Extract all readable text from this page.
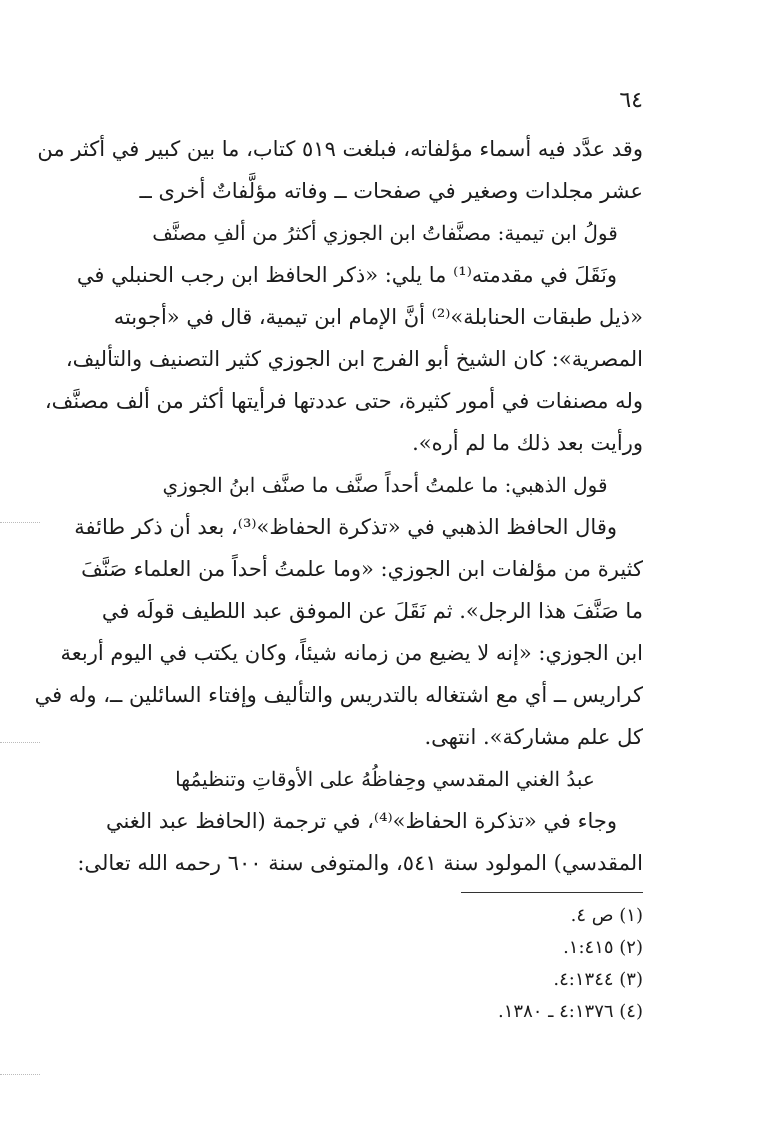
٦٤
وقد عدَّد فيه أسماء مؤلفاته، فبلغت ٥١٩ كتاب، ما بين كبير في أكثر من
عشر مجلدات وصغير في صفحات ــ وفاته مؤلَّفاتٌ أخرى ــ
قولُ ابن تيمية: مصنَّفاتُ ابن الجوزي أكثرُ من ألفِ مصنَّف
ونَقَلَ في مقدمته⁽¹⁾ ما يلي: «ذكر الحافظ ابن رجب الحنبلي في
«ذيل طبقات الحنابلة»⁽²⁾ أنَّ الإمام ابن تيمية، قال في «أجوبته
المصرية»: كان الشيخ أبو الفرج ابن الجوزي كثير التصنيف والتأليف،
وله مصنفات في أمور كثيرة، حتى عددتها فرأيتها أكثر من ألف مصنَّف،
ورأيت بعد ذلك ما لم أره».
قول الذهبي: ما علمتُ أحداً صنَّف ما صنَّف ابنُ الجوزي
وقال الحافظ الذهبي في «تذكرة الحفاظ»⁽³⁾، بعد أن ذكر طائفة
كثيرة من مؤلفات ابن الجوزي: «وما علمتُ أحداً من العلماء صَنَّفَ
ما صَنَّفَ هذا الرجل». ثم نَقَلَ عن الموفق عبد اللطيف قولَه في
ابن الجوزي: «إنه لا يضيع من زمانه شيئاً، وكان يكتب في اليوم أربعة
كراريس ــ أي مع اشتغاله بالتدريس والتأليف وإفتاء السائلين ــ، وله في
كل علم مشاركة». انتهى.
عبدُ الغني المقدسي وحِفاظُهُ على الأوقاتِ وتنظيمُها
وجاء في «تذكرة الحفاظ»⁽⁴⁾، في ترجمة (الحافظ عبد الغني
المقدسي) المولود سنة ٥٤١، والمتوفى سنة ٦٠٠ رحمه الله تعالى:
(١) ص ٤.
(٢) ١:٤١٥.
(٣) ٤:١٣٤٤.
(٤) ٤:١٣٧٦ ـ ١٣٨٠.
